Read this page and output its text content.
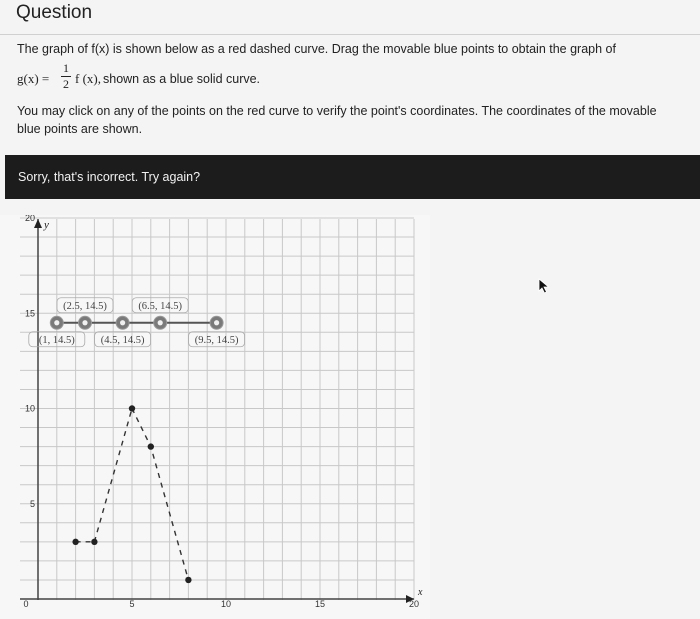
Question
The graph of f(x) is shown below as a red dashed curve. Drag the movable blue points to obtain the graph of
g(x) =
1
2 f (x), shown as a blue solid curve.
You may click on any of the points on the red curve to verify the point's coordinates. The coordinates of the movable blue points are shown.
Sorry, that's incorrect. Try again?
0	5	10	15	20
5
10
15
20
x
y
(2.5, 14.5)	(6.5, 14.5)
(1, 14.5) (4.5, 14.5)	(9.5, 14.5)
